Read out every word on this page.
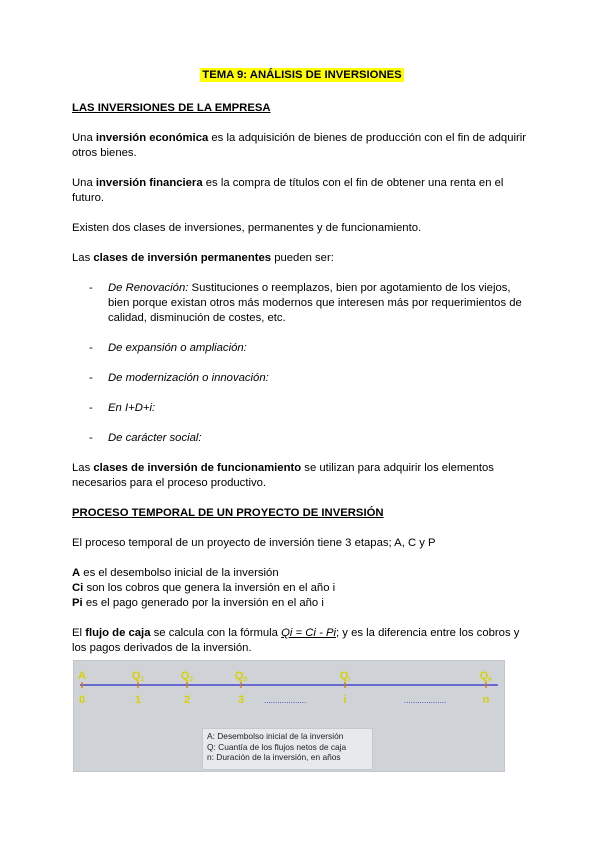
TEMA 9: ANÁLISIS DE INVERSIONES

LAS INVERSIONES DE LA EMPRESA

Una inversión económica es la adquisición de bienes de producción con el fin de adquirir otros bienes.

Una inversión financiera es la compra de títulos con el fin de obtener una renta en el futuro.

Existen dos clases de inversiones, permanentes y de funcionamiento.

Las clases de inversión permanentes pueden ser:

- De Renovación: Sustituciones o reemplazos, bien por agotamiento de los viejos, bien porque existan otros más modernos que interesen más por requerimientos de calidad, disminución de costes, etc.
- De expansión o ampliación:
- De modernización o innovación:
- En I+D+i:
- De carácter social:

Las clases de inversión de funcionamiento se utilizan para adquirir los elementos necesarios para el proceso productivo.

PROCESO TEMPORAL DE UN PROYECTO DE INVERSIÓN

El proceso temporal de un proyecto de inversión tiene 3 etapas; A, C y P

A es el desembolso inicial de la inversión

Ci son los cobros que genera la inversión en el año i

Pi es el pago generado por la inversión en el año i

El flujo de caja se calcula con la fórmula Qi = Ci - Pi; y es la diferencia entre los cobros y los pagos derivados de la inversión.

A	Q1	Q2	Q3	Qi	Qn
0	1	2	3	i	n
...................	...................
A: Desembolso inicial de la inversión
Q: Cuantía de los flujos netos de caja
n: Duración de la inversión, en años
